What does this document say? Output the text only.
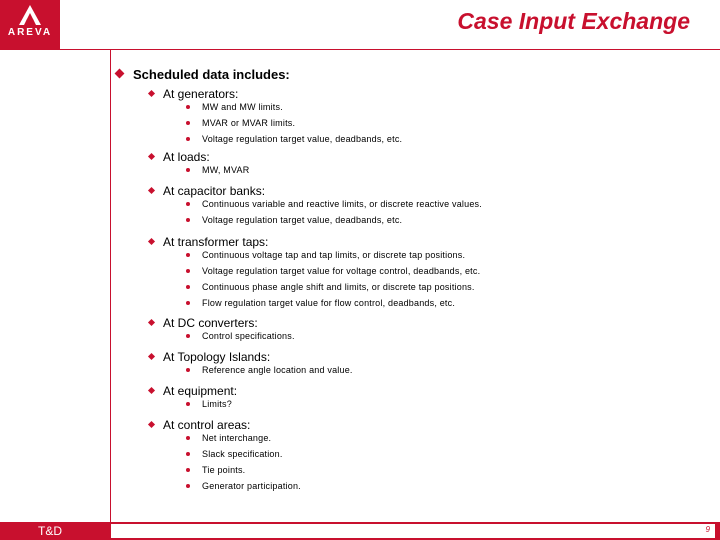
AREVA	Case Input Exchange
Scheduled data includes:
At generators:
MW and MW limits.
MVAR or MVAR limits.
Voltage regulation target value, deadbands, etc.
At loads:
MW, MVAR
At capacitor banks:
Continuous variable and reactive limits, or discrete reactive values.
Voltage regulation target value, deadbands, etc.
At transformer taps:
Continuous voltage tap and tap limits, or discrete tap positions.
Voltage regulation target value for voltage control, deadbands, etc.
Continuous phase angle shift and limits, or discrete tap positions.
Flow regulation target value for flow control, deadbands, etc.
At DC converters:
Control specifications.
At Topology Islands:
Reference angle location and value.
At equipment:
Limits?
At control areas:
Net interchange.
Slack specification.
Tie points.
Generator participation.
T&D	9
